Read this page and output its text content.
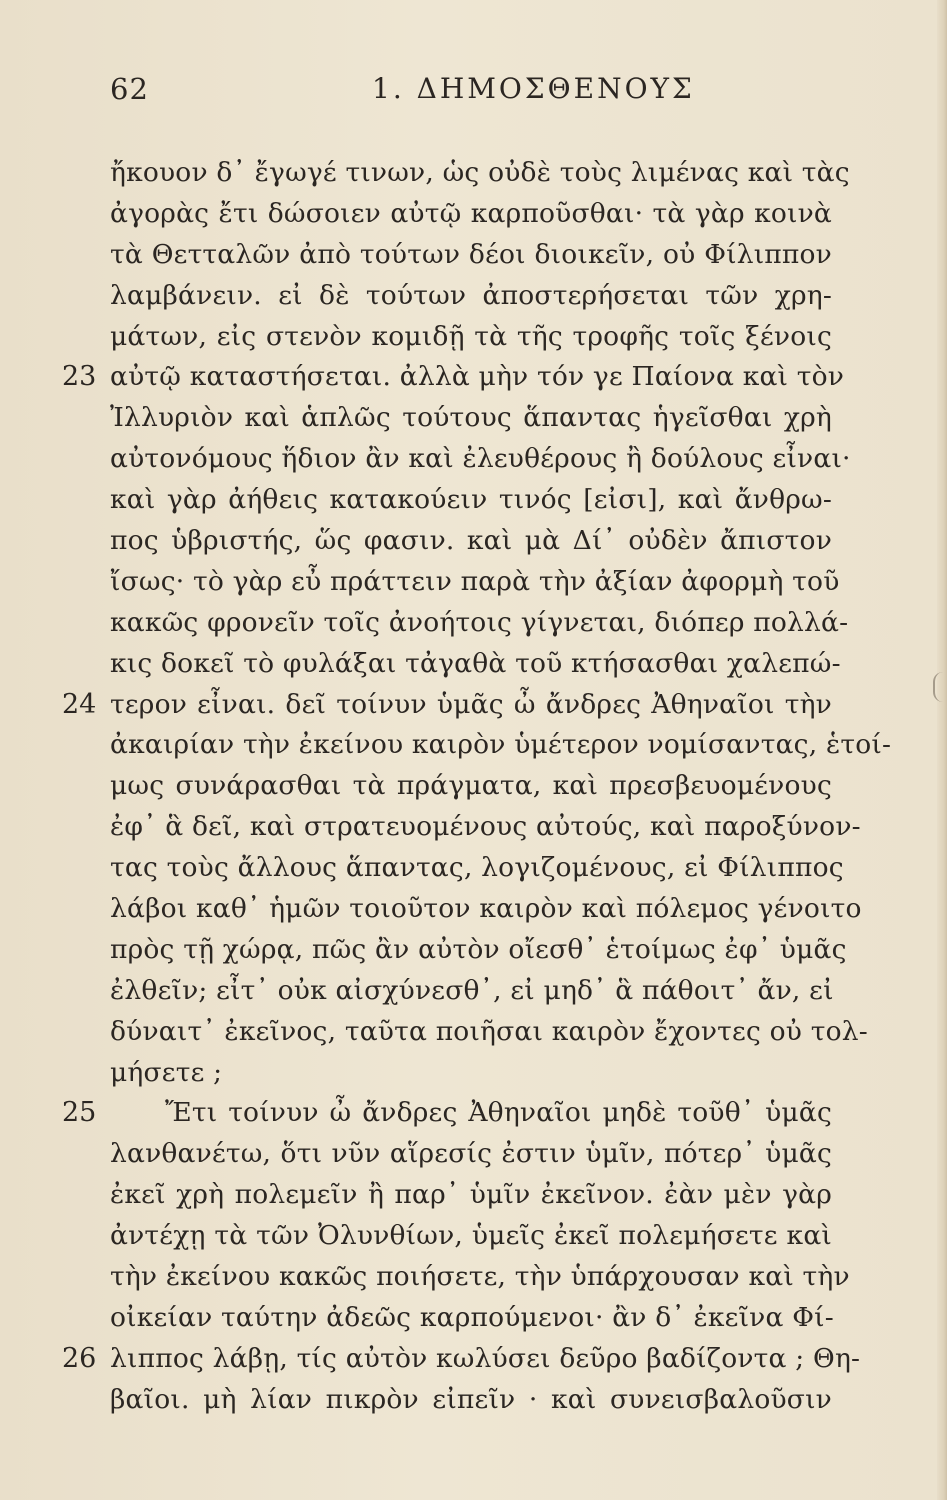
62	1. ΔΗΜΟΣΘΕΝΟΥΣ
ἤκουον δ᾽ ἔγωγέ τινων, ὡς οὐδὲ τοὺς λιμένας καὶ τὰς
ἀγορὰς ἔτι δώσοιεν αὐτῷ καρποῦσθαι· τὰ γὰρ κοινὰ
τὰ Θετταλῶν ἀπὸ τούτων δέοι διοικεῖν, οὐ Φίλιππον
λαμβάνειν. εἰ δὲ τούτων ἀποστερήσεται τῶν χρη-
μάτων, εἰς στενὸν κομιδῇ τὰ τῆς τροφῆς τοῖς ξένοις
23 αὐτῷ καταστήσεται. ἀλλὰ μὴν τόν γε Παίονα καὶ τὸν
Ἰλλυριὸν καὶ ἁπλῶς τούτους ἅπαντας ἡγεῖσθαι χρὴ
αὐτονόμους ἥδιον ἂν καὶ ἐλευθέρους ἢ δούλους εἶναι·
καὶ γὰρ ἀήθεις κατακούειν τινός [εἰσι], καὶ ἄνθρω-
πος ὑβριστής, ὥς φασιν. καὶ μὰ Δί᾽ οὐδὲν ἄπιστον
ἴσως· τὸ γὰρ εὖ πράττειν παρὰ τὴν ἀξίαν ἀφορμὴ τοῦ
κακῶς φρονεῖν τοῖς ἀνοήτοις γίγνεται, διόπερ πολλά-
κις δοκεῖ τὸ φυλάξαι τἀγαθὰ τοῦ κτήσασθαι χαλεπώ-
24 τερον εἶναι. δεῖ τοίνυν ὑμᾶς ὦ ἄνδρες Ἀθηναῖοι τὴν
ἀκαιρίαν τὴν ἐκείνου καιρὸν ὑμέτερον νομίσαντας, ἑτοί-
μως συνάρασθαι τὰ πράγματα, καὶ πρεσβευομένους
ἐφ᾽ ἃ δεῖ, καὶ στρατευομένους αὐτούς, καὶ παροξύνον-
τας τοὺς ἄλλους ἅπαντας, λογιζομένους, εἰ Φίλιππος
λάβοι καθ᾽ ἡμῶν τοιοῦτον καιρὸν καὶ πόλεμος γένοιτο
πρὸς τῇ χώρᾳ, πῶς ἂν αὐτὸν οἴεσθ᾽ ἑτοίμως ἐφ᾽ ὑμᾶς
ἐλθεῖν; εἶτ᾽ οὐκ αἰσχύνεσθ᾽, εἰ μηδ᾽ ἃ πάθοιτ᾽ ἄν, εἰ
δύναιτ᾽ ἐκεῖνος, ταῦτα ποιῆσαι καιρὸν ἔχοντες οὐ τολ-
μήσετε ;
25	Ἔτι τοίνυν ὦ ἄνδρες Ἀθηναῖοι μηδὲ τοῦθ᾽ ὑμᾶς
λανθανέτω, ὅτι νῦν αἵρεσίς ἐστιν ὑμῖν, πότερ᾽ ὑμᾶς
ἐκεῖ χρὴ πολεμεῖν ἢ παρ᾽ ὑμῖν ἐκεῖνον. ἐὰν μὲν γὰρ
ἀντέχῃ τὰ τῶν Ὀλυνθίων, ὑμεῖς ἐκεῖ πολεμήσετε καὶ
τὴν ἐκείνου κακῶς ποιήσετε, τὴν ὑπάρχουσαν καὶ τὴν
οἰκείαν ταύτην ἀδεῶς καρπούμενοι· ἂν δ᾽ ἐκεῖνα Φί-
26 λιππος λάβῃ, τίς αὐτὸν κωλύσει δεῦρο βαδίζοντα ; Θη-
βαῖοι. μὴ λίαν πικρὸν εἰπεῖν · καὶ συνεισβαλοῦσιν
